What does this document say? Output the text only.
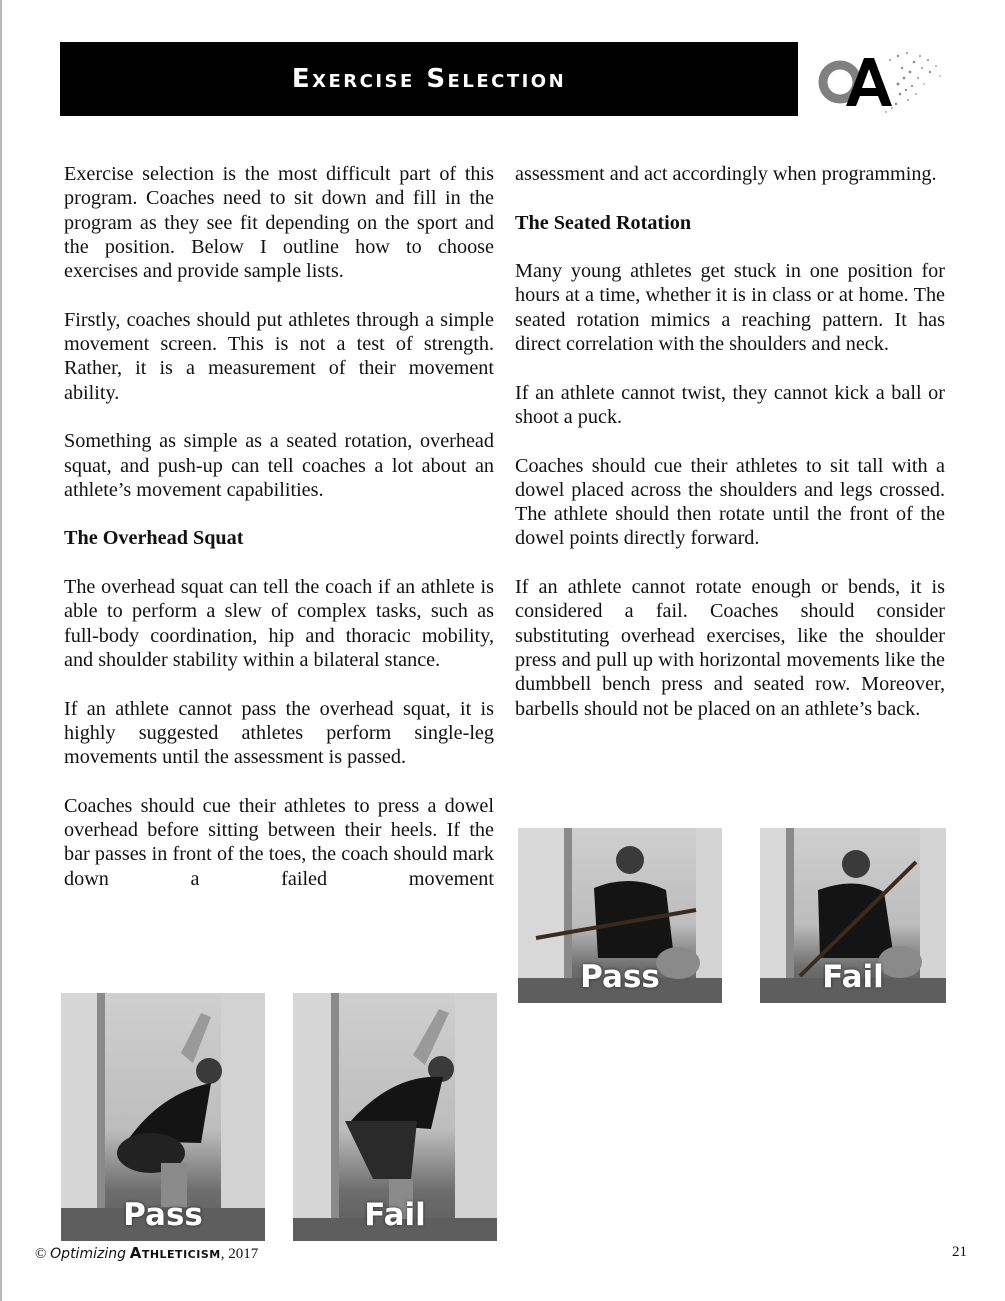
Exercise Selection

Exercise selection is the most difficult part of this program. Coaches need to sit down and fill in the program as they see fit depending on the sport and the position. Below I outline how to choose exercises and provide sample lists.

Firstly, coaches should put athletes through a simple movement screen. This is not a test of strength. Rather, it is a measurement of their movement ability.

Something as simple as a seated rotation, overhead squat, and push-up can tell coaches a lot about an athlete’s movement capabilities.

The Overhead Squat

The overhead squat can tell the coach if an athlete is able to perform a slew of complex tasks, such as full-body coordination, hip and thoracic mobility, and shoulder stability within a bilateral stance.

If an athlete cannot pass the overhead squat, it is highly suggested athletes perform single-leg movements until the assessment is passed.

Coaches should cue their athletes to press a dowel overhead before sitting between their heels. If the bar passes in front of the toes, the coach should mark down a failed movement

assessment and act accordingly when programming.

The Seated Rotation

Many young athletes get stuck in one position for hours at a time, whether it is in class or at home. The seated rotation mimics a reaching pattern. It has direct correlation with the shoulders and neck.

If an athlete cannot twist, they cannot kick a ball or shoot a puck.

Coaches should cue their athletes to sit tall with a dowel placed across the shoulders and legs crossed. The athlete should then rotate until the front of the dowel points directly forward.

If an athlete cannot rotate enough or bends, it is considered a fail. Coaches should consider substituting overhead exercises, like the shoulder press and pull up with horizontal movements like the dumbbell bench press and seated row. Moreover, barbells should not be placed on an athlete’s back.

Pass	Fail
Pass	Fail
© Optimizing Athleticism, 2017	21
